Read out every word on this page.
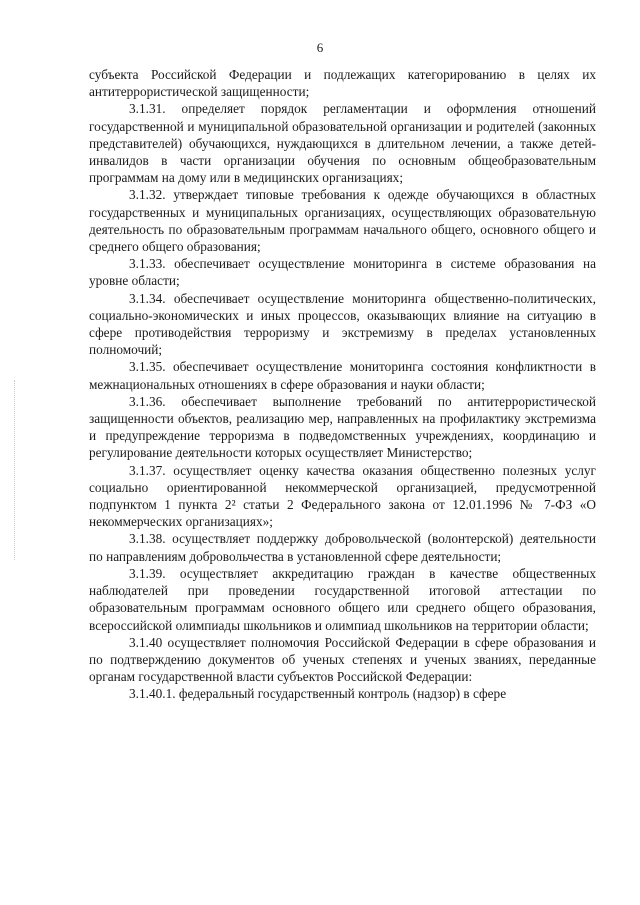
6

субъекта Российской Федерации и подлежащих категорированию в целях их антитеррористической защищенности;

3.1.31. определяет порядок регламентации и оформления отношений государственной и муниципальной образовательной организации и родителей (законных представителей) обучающихся, нуждающихся в длительном лечении, а также детей-инвалидов в части организации обучения по основным общеобразовательным программам на дому или в медицинских организациях;

3.1.32. утверждает типовые требования к одежде обучающихся в областных государственных и муниципальных организациях, осуществляющих образовательную деятельность по образовательным программам начального общего, основного общего и среднего общего образования;

3.1.33. обеспечивает осуществление мониторинга в системе образования на уровне области;

3.1.34. обеспечивает осуществление мониторинга общественно-политических, социально-экономических и иных процессов, оказывающих влияние на ситуацию в сфере противодействия терроризму и экстремизму в пределах установленных полномочий;

3.1.35. обеспечивает осуществление мониторинга состояния конфликтности в межнациональных отношениях в сфере образования и науки области;

3.1.36. обеспечивает выполнение требований по антитеррористической защищенности объектов, реализацию мер, направленных на профилактику экстремизма и предупреждение терроризма в подведомственных учреждениях, координацию и регулирование деятельности которых осуществляет Министерство;

3.1.37. осуществляет оценку качества оказания общественно полезных услуг социально ориентированной некоммерческой организацией, предусмотренной подпунктом 1 пункта 2² статьи 2 Федерального закона от 12.01.1996 № 7-ФЗ «О некоммерческих организациях»;

3.1.38. осуществляет поддержку добровольческой (волонтерской) деятельности по направлениям добровольчества в установленной сфере деятельности;

3.1.39. осуществляет аккредитацию граждан в качестве общественных наблюдателей при проведении государственной итоговой аттестации по образовательным программам основного общего или среднего общего образования, всероссийской олимпиады школьников и олимпиад школьников на территории области;

3.1.40 осуществляет полномочия Российской Федерации в сфере образования и по подтверждению документов об ученых степенях и ученых званиях, переданные органам государственной власти субъектов Российской Федерации:

3.1.40.1. федеральный государственный контроль (надзор) в сфере
